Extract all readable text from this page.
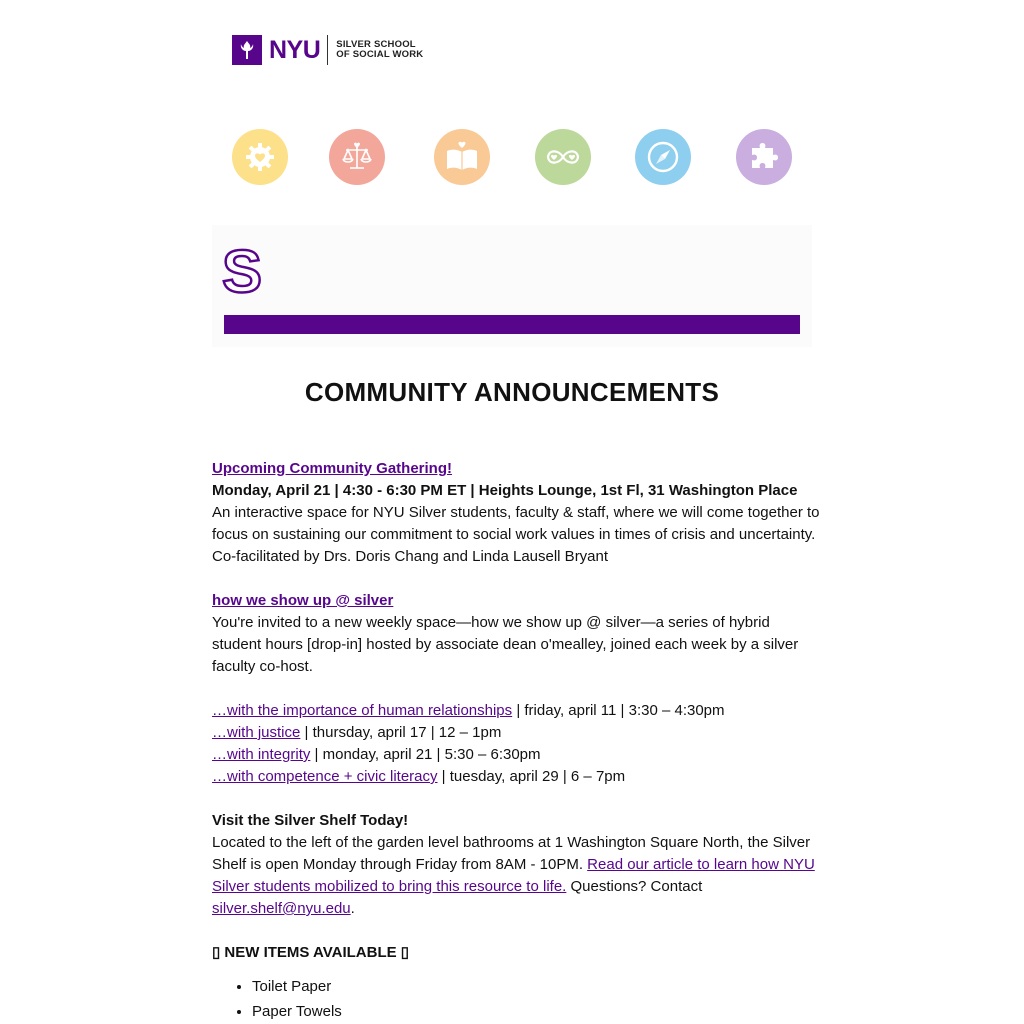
NYU SILVER SCHOOL
OF SOCIAL WORK
S
COMMUNITY ANNOUNCEMENTS
Upcoming Community Gathering!
Monday, April 21 | 4:30 - 6:30 PM ET | Heights Lounge, 1st Fl, 31 Washington Place
An interactive space for NYU Silver students, faculty & staff, where we will come together to focus on sustaining our commitment to social work values in times of crisis and uncertainty. Co-facilitated by Drs. Doris Chang and Linda Lausell Bryant
how we show up @ silver
You're invited to a new weekly space—how we show up @ silver—a series of hybrid student hours [drop-in] hosted by associate dean o'mealley, joined each week by a silver faculty co-host.
…with the importance of human relationships | friday, april 11 | 3:30 – 4:30pm
…with justice | thursday, april 17 | 12 – 1pm
…with integrity | monday, april 21 | 5:30 – 6:30pm
…with competence + civic literacy | tuesday, april 29 | 6 – 7pm
Visit the Silver Shelf Today!
Located to the left of the garden level bathrooms at 1 Washington Square North, the Silver Shelf is open Monday through Friday from 8AM - 10PM. Read our article to learn how NYU Silver students mobilized to bring this resource to life. Questions? Contact silver.shelf@nyu.edu.
▯ NEW ITEMS AVAILABLE ▯
• Toilet Paper
• Paper Towels
